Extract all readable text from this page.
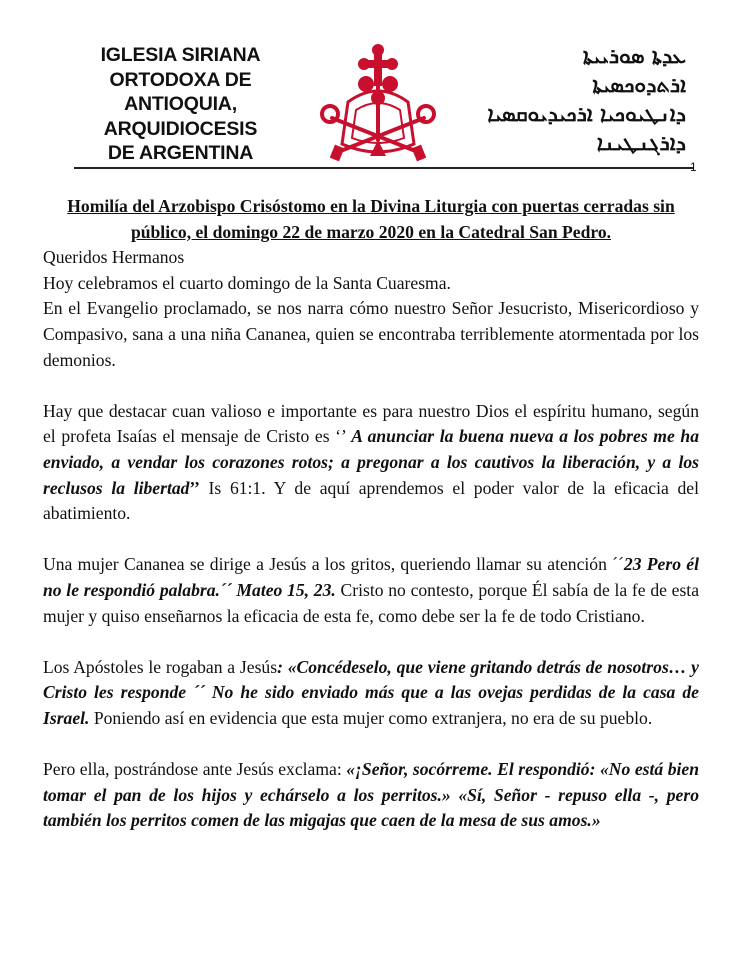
IGLESIA SIRIANA
ORTODOXA DE
ANTIOQUIA,
ARQUIDIOCESIS
DE ARGENTINA
ܥܕܬܐ ܣܘܪܝܝܬܐ
ܐܪܬܕܘܟܣܝܬܐ
ܕܐܢܛܝܘܟܝܐ ܐܪܟܝܕܝܘܩܣܝܐ
ܕܐܪܓܢܛܝܢܐ
1
Homilía del Arzobispo Crisóstomo en la Divina Liturgia con puertas cerradas sin
público, el domingo 22 de marzo 2020 en la Catedral San Pedro.

Queridos Hermanos

Hoy celebramos el cuarto domingo de la Santa Cuaresma.

En el Evangelio proclamado, se nos narra cómo nuestro Señor Jesucristo, Misericordioso y Compasivo, sana a una niña Cananea, quien se encontraba terriblemente atormentada por los demonios.

Hay que destacar cuan valioso e importante es para nuestro Dios el espíritu humano, según el profeta Isaías el mensaje de Cristo es ‘’ A anunciar la buena nueva a los pobres me ha enviado, a vendar los corazones rotos; a pregonar a los cautivos la liberación, y a los reclusos la libertad’’ Is 61:1. Y de aquí aprendemos el poder valor de la eficacia del abatimiento.

Una mujer Cananea se dirige a Jesús a los gritos, queriendo llamar su atención ´´23 Pero él no le respondió palabra.´´ Mateo 15, 23. Cristo no contesto, porque Él sabía de la fe de esta mujer y quiso enseñarnos la eficacia de esta fe, como debe ser la fe de todo Cristiano.

Los Apóstoles le rogaban a Jesús: «Concédeselo, que viene gritando detrás de nosotros… y Cristo les responde ´´ No he sido enviado más que a las ovejas perdidas de la casa de Israel. Poniendo así en evidencia que esta mujer como extranjera, no era de su pueblo.

Pero ella, postrándose ante Jesús exclama: «¡Señor, socórreme. El respondió: «No está bien tomar el pan de los hijos y echárselo a los perritos.» «Sí, Señor - repuso ella -, pero también los perritos comen de las migajas que caen de la mesa de sus amos.»
